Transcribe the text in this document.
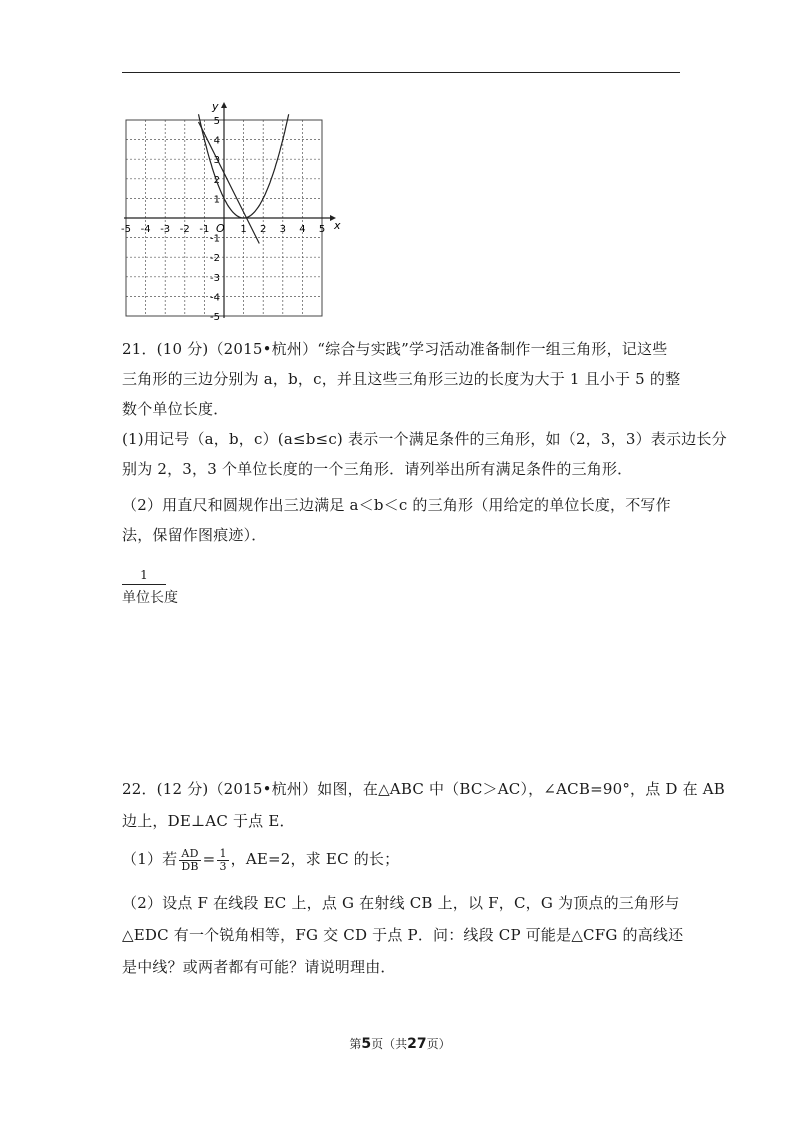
-5 -4 -3 -2 -1	1 2 3 4 5
5
4
3
2
1
-1
-2
-3
-4
-5
x
y
O

21．(10 分)（2015•杭州）“综合与实践”学习活动准备制作一组三角形，记这些

三角形的三边分别为 a，b，c，并且这些三角形三边的长度为大于 1 且小于 5 的整

数个单位长度．

(1)用记号（a，b，c）(a≤b≤c) 表示一个满足条件的三角形，如（2，3，3）表示边长分

别为 2，3，3 个单位长度的一个三角形．请列举出所有满足条件的三角形．

（2）用直尺和圆规作出三边满足 a＜b＜c 的三角形（用给定的单位长度，不写作

法，保留作图痕迹）．

1
单位长度

22．(12 分)（2015•杭州）如图，在△ABC 中（BC＞AC），∠ACB=90°，点 D 在 AB

边上，DE⊥AC 于点 E．

（1）若 $\frac{AD}{DB} = \frac{1}{3}$ ，AE=2，求 EC 的长；

（2）设点 F 在线段 EC 上，点 G 在射线 CB 上，以 F，C，G 为顶点的三角形与

△EDC 有一个锐角相等，FG 交 CD 于点 P．问：线段 CP 可能是△CFG 的高线还

是中线？或两者都有可能？请说明理由．

第5页（共27页）
